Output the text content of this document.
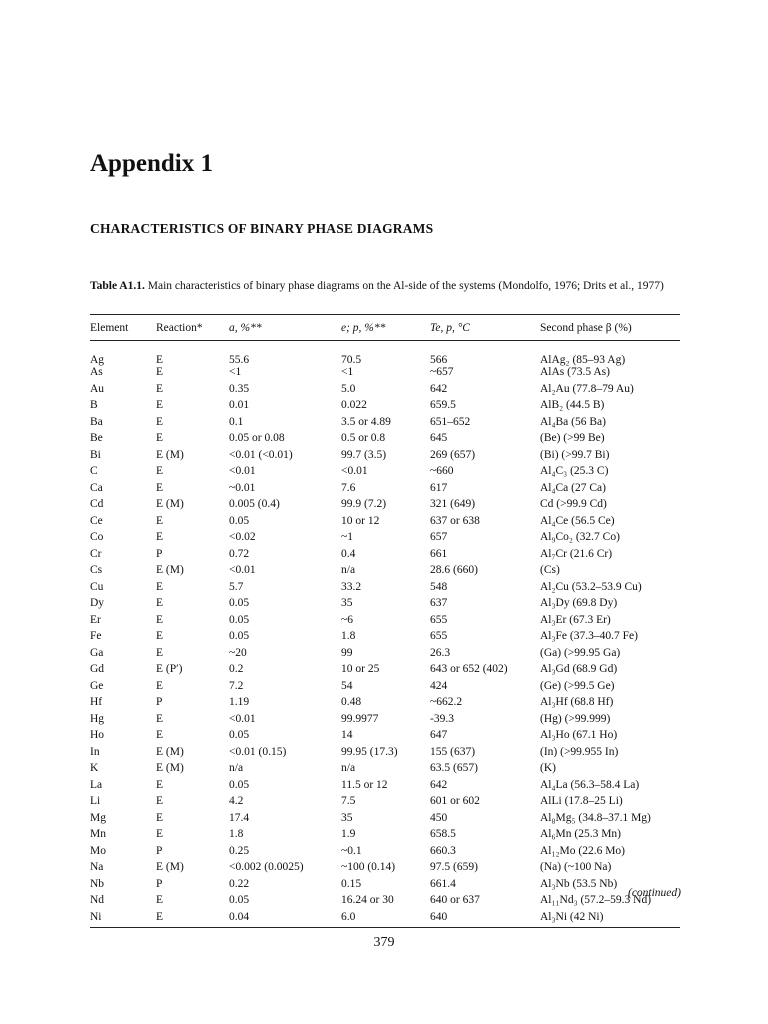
Appendix 1
CHARACTERISTICS OF BINARY PHASE DIAGRAMS
Table A1.1. Main characteristics of binary phase diagrams on the Al-side of the systems (Mondolfo, 1976; Drits et al., 1977)
Element	Reaction*	a, %**	e; p, %**	Te, p, °C	Second phase β (%)
Ag	E	55.6	70.5	566	AlAg₂ (85–93 Ag)
As	E	<1	<1	~657	AlAs (73.5 As)
Au	E	0.35	5.0	642	Al₂Au (77.8–79 Au)
B	E	0.01	0.022	659.5	AlB₂ (44.5 B)
Ba	E	0.1	3.5 or 4.89	651–652	Al₄Ba (56 Ba)
Be	E	0.05 or 0.08	0.5 or 0.8	645	(Be) (>99 Be)
Bi	E (M)	<0.01 (<0.01)	99.7 (3.5)	269 (657)	(Bi) (>99.7 Bi)
C	E	<0.01	<0.01	~660	Al₄C₃ (25.3 C)
Ca	E	~0.01	7.6	617	Al₄Ca (27 Ca)
Cd	E (M)	0.005 (0.4)	99.9 (7.2)	321 (649)	Cd (>99.9 Cd)
Ce	E	0.05	10 or 12	637 or 638	Al₄Ce (56.5 Ce)
Co	E	<0.02	~1	657	Al₉Co₂ (32.7 Co)
Cr	P	0.72	0.4	661	Al₇Cr (21.6 Cr)
Cs	E (M)	<0.01	n/a	28.6 (660)	(Cs)
Cu	E	5.7	33.2	548	Al₂Cu (53.2–53.9 Cu)
Dy	E	0.05	35	637	Al₃Dy (69.8 Dy)
Er	E	0.05	~6	655	Al₃Er (67.3 Er)
Fe	E	0.05	1.8	655	Al₃Fe (37.3–40.7 Fe)
Ga	E	~20	99	26.3	(Ga) (>99.95 Ga)
Gd	E (P′)	0.2	10 or 25	643 or 652 (402)	Al₃Gd (68.9 Gd)
Ge	E	7.2	54	424	(Ge) (>99.5 Ge)
Hf	P	1.19	0.48	~662.2	Al₃Hf (68.8 Hf)
Hg	E	<0.01	99.9977	-39.3	(Hg) (>99.999)
Ho	E	0.05	14	647	Al₃Ho (67.1 Ho)
In	E (M)	<0.01 (0.15)	99.95 (17.3)	155 (637)	(In) (>99.955 In)
K	E (M)	n/a	n/a	63.5 (657)	(K)
La	E	0.05	11.5 or 12	642	Al₄La (56.3–58.4 La)
Li	E	4.2	7.5	601 or 602	AlLi (17.8–25 Li)
Mg	E	17.4	35	450	Al₈Mg₅ (34.8–37.1 Mg)
Mn	E	1.8	1.9	658.5	Al₆Mn (25.3 Mn)
Mo	P	0.25	~0.1	660.3	Al₁₂Mo (22.6 Mo)
Na	E (M)	<0.002 (0.0025)	~100 (0.14)	97.5 (659)	(Na) (~100 Na)
Nb	P	0.22	0.15	661.4	Al₃Nb (53.5 Nb)
Nd	E	0.05	16.24 or 30	640 or 637	Al₁₁Nd₃ (57.2–59.3 Nd)
Ni	E	0.04	6.0	640	Al₃Ni (42 Ni)
(continued)
379
